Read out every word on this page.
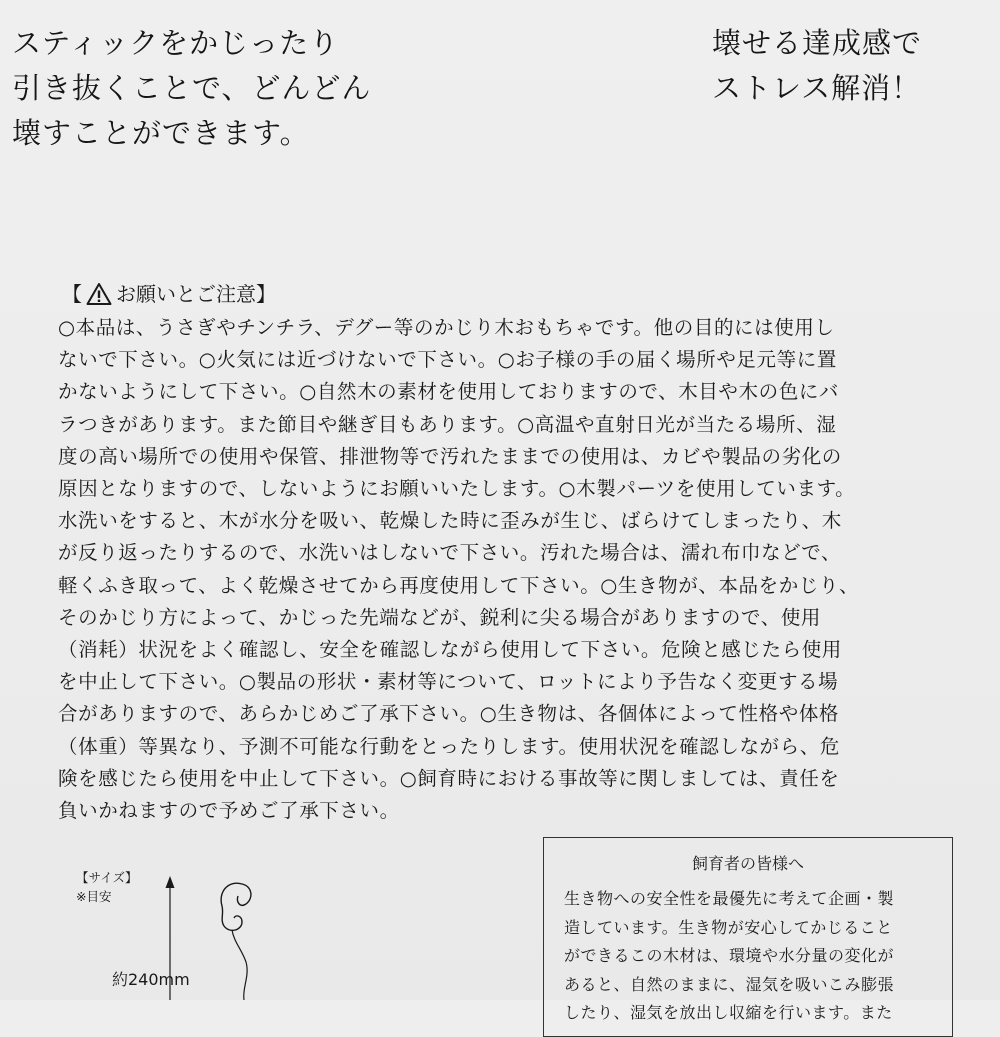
スティックをかじったり
引き抜くことで、どんどん
壊すことができます。
壊せる達成感で
ストレス解消！
【 お願いとご注意 】
○本品は、うさぎやチンチラ、デグー等のかじり木おもちゃです。他の目的には使用し
ないで下さい。○火気には近づけないで下さい。○お子様の手の届く場所や足元等に置
かないようにして下さい。○自然木の素材を使用しておりますので、木目や木の色にバ
ラつきがあります。また節目や継ぎ目もあります。○高温や直射日光が当たる場所、湿
度の高い場所での使用や保管、排泄物等で汚れたままでの使用は、カビや製品の劣化の
原因となりますので、しないようにお願いいたします。○木製パーツを使用しています。
水洗いをすると、木が水分を吸い、乾燥した時に歪みが生じ、ばらけてしまったり、木
が反り返ったりするので、水洗いはしないで下さい。汚れた場合は、濡れ布巾などで、
軽くふき取って、よく乾燥させてから再度使用して下さい。○生き物が、本品をかじり、
そのかじり方によって、かじった先端などが、鋭利に尖る場合がありますので、使用
（消耗）状況をよく確認し、安全を確認しながら使用して下さい。危険と感じたら使用
を中止して下さい。○製品の形状・素材等について、ロットにより予告なく変更する場
合がありますので、あらかじめご了承下さい。○生き物は、各個体によって性格や体格
（体重）等異なり、予測不可能な行動をとったりします。使用状況を確認しながら、危
険を感じたら使用を中止して下さい。○飼育時における事故等に関しましては、責任を
負いかねますので予めご了承下さい。
【サイズ】
※目安
約240mm
飼育者の皆様へ
生き物への安全性を最優先に考えて企画・製
造しています。生き物が安心してかじること
ができるこの木材は、環境や水分量の変化が
あると、自然のままに、湿気を吸いこみ膨張
したり、湿気を放出し収縮を行います。また
